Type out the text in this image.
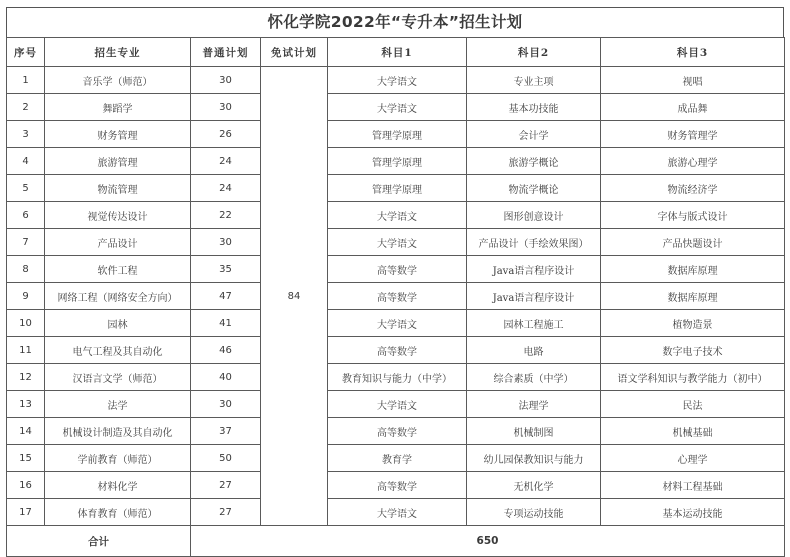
怀化学院2022年“专升本”招生计划
序号	招生专业	普通计划	免试计划	科目1	科目2	科目3
1	音乐学（师范）	30	84	大学语文	专业主项	视唱
2	舞蹈学	30		大学语文	基本功技能	成品舞
3	财务管理	26		管理学原理	会计学	财务管理学
4	旅游管理	24		管理学原理	旅游学概论	旅游心理学
5	物流管理	24		管理学原理	物流学概论	物流经济学
6	视觉传达设计	22		大学语文	图形创意设计	字体与版式设计
7	产品设计	30		大学语文	产品设计（手绘效果图）	产品快题设计
8	软件工程	35		高等数学	Java语言程序设计	数据库原理
9	网络工程（网络安全方向）	47		高等数学	Java语言程序设计	数据库原理
10	园林	41		大学语文	园林工程施工	植物造景
11	电气工程及其自动化	46		高等数学	电路	数字电子技术
12	汉语言文学（师范）	40		教育知识与能力（中学）	综合素质（中学）	语文学科知识与教学能力（初中）
13	法学	30		大学语文	法理学	民法
14	机械设计制造及其自动化	37		高等数学	机械制图	机械基础
15	学前教育（师范）	50		教育学	幼儿园保教知识与能力	心理学
16	材料化学	27		高等数学	无机化学	材料工程基础
17	体育教育（师范）	27		大学语文	专项运动技能	基本运动技能
合计		650				
